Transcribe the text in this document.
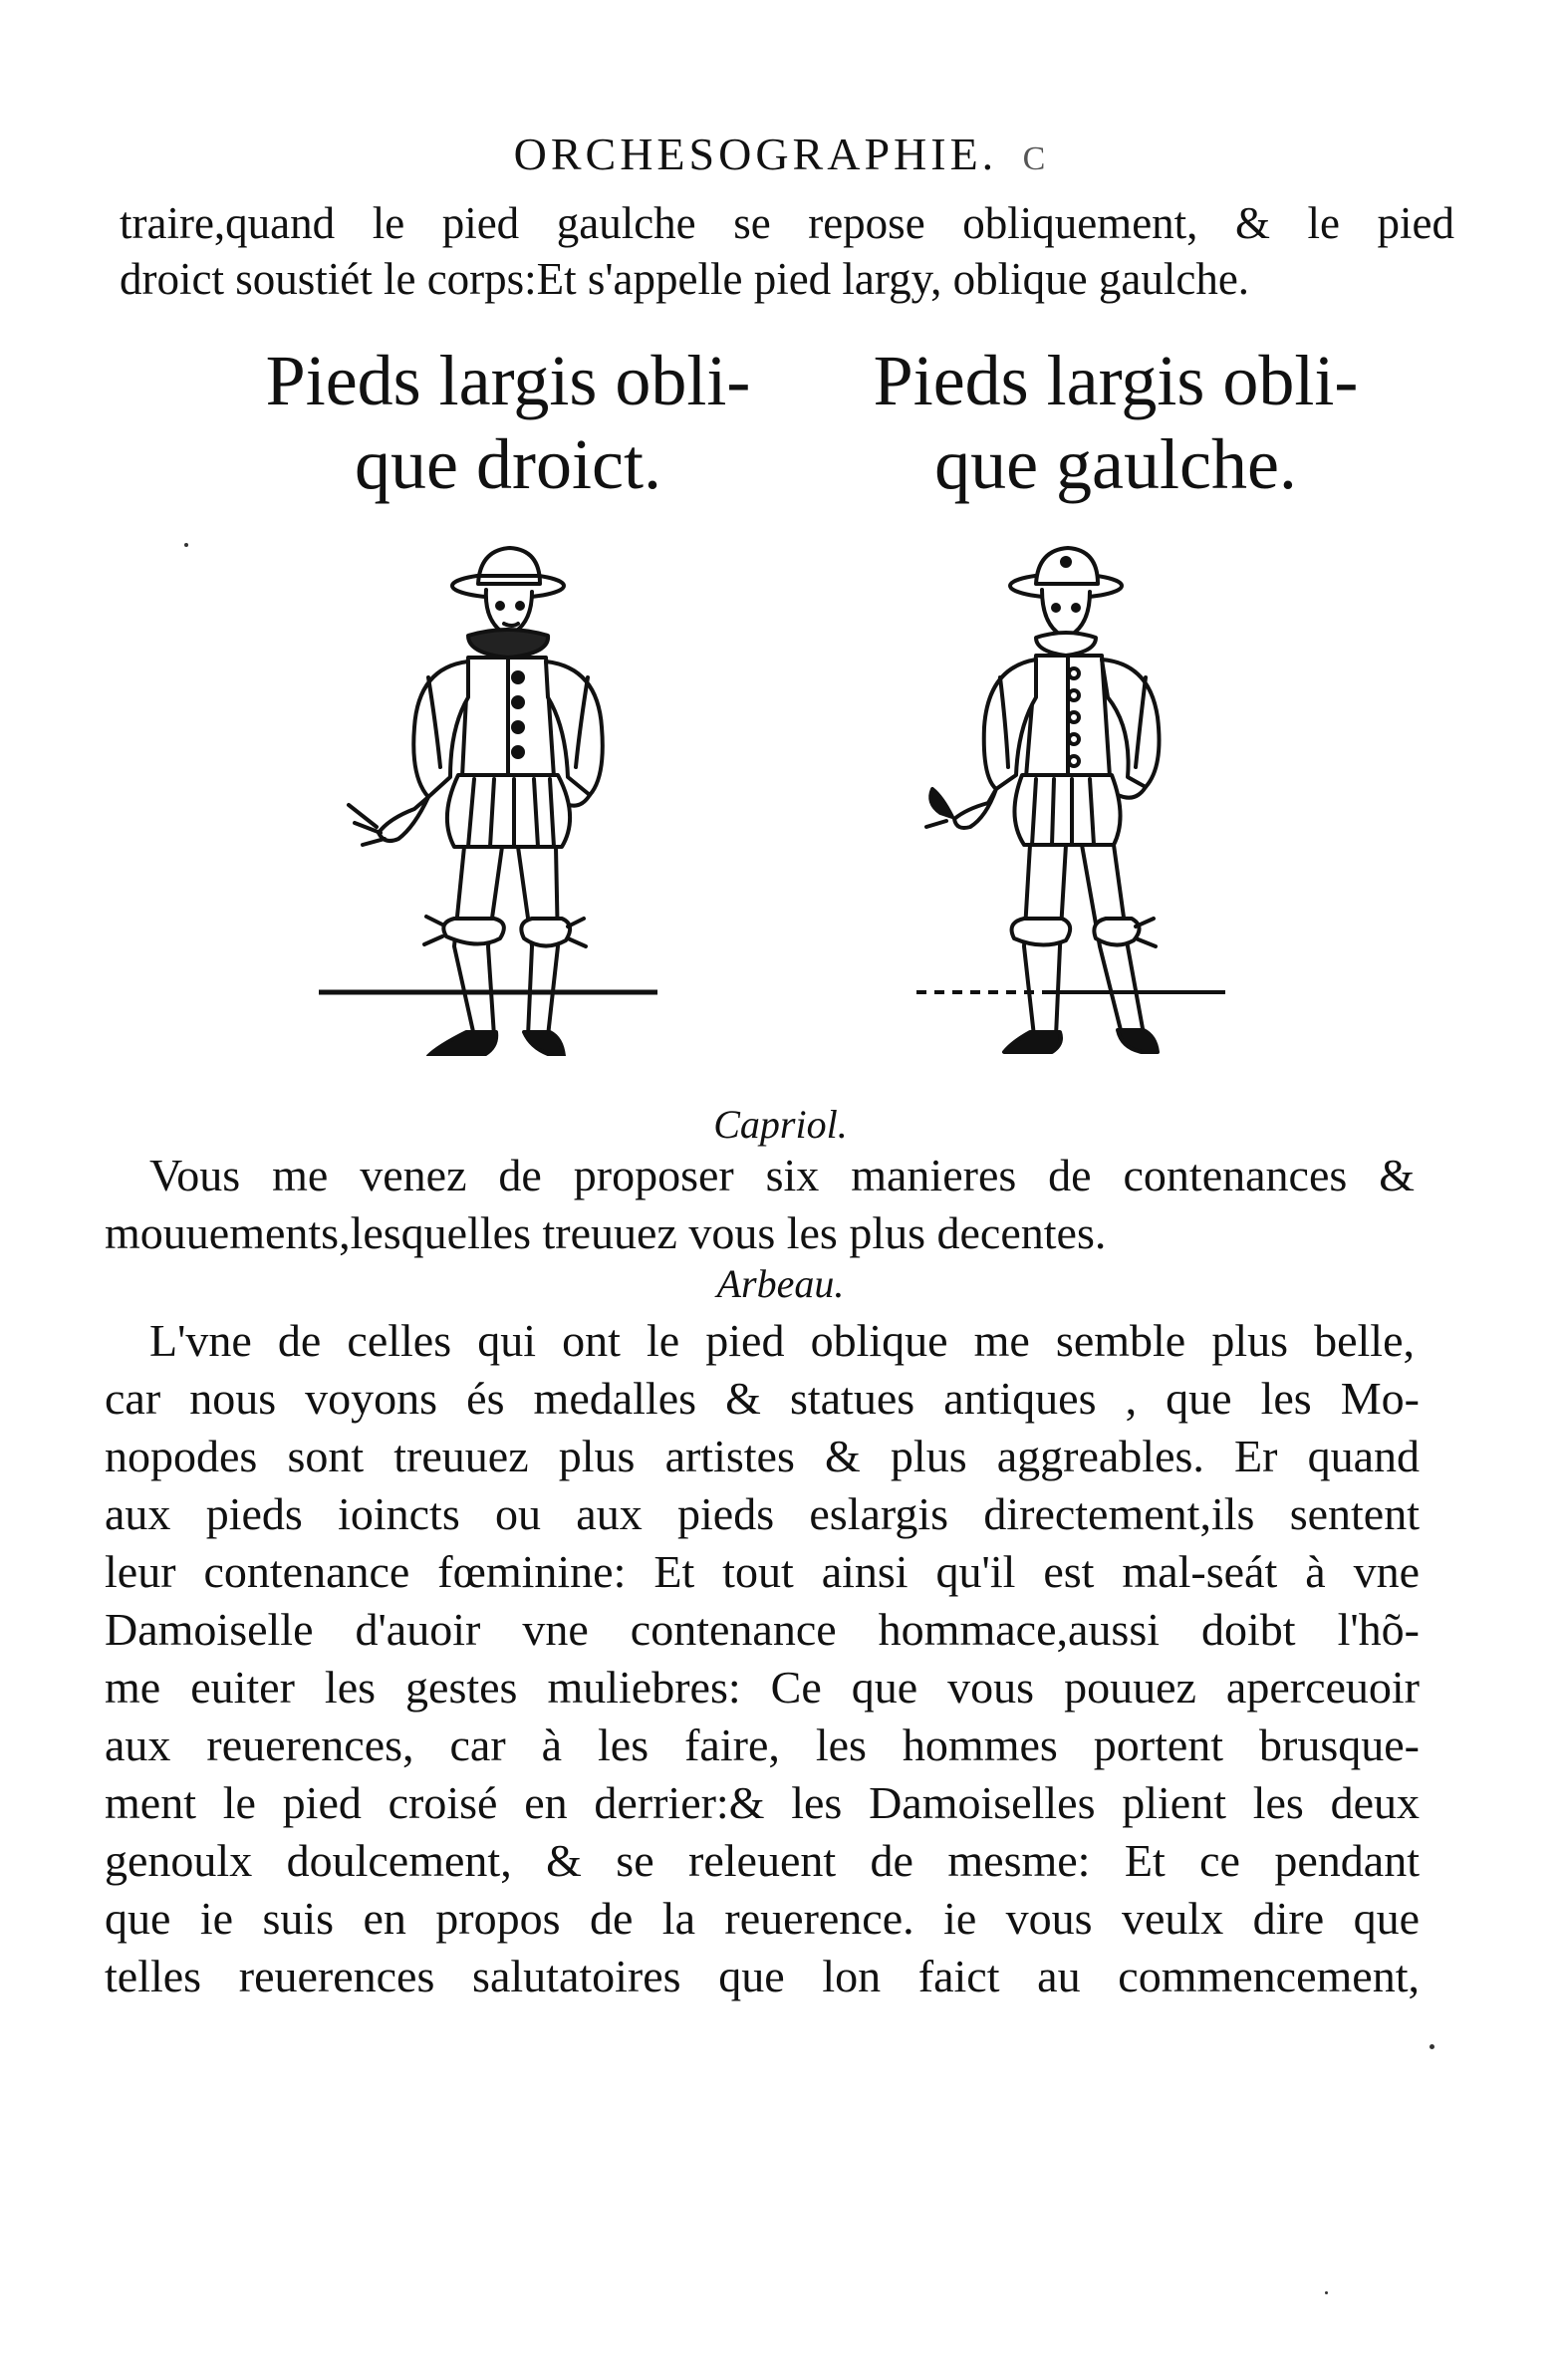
ORCHESOGRAPHIE. C
traire,quand le pied gaulche se repose obliquement, & le pied
droict soustiét le corps:Et s'appelle pied largy, oblique gaulche.
Pieds largis obli-
que droict.
Pieds largis obli-
que gaulche.
Capriol.
Vous me venez de proposer six manieres de contenances &
mouuements,lesquelles treuuez vous les plus decentes.
Arbeau.
L'vne de celles qui ont le pied oblique me semble plus belle,
car nous voyons és medalles & statues antiques , que les Mo-
nopodes sont treuuez plus artistes & plus aggreables. Er quand
aux pieds ioincts ou aux pieds eslargis directement,ils sentent
leur contenance fœminine: Et tout ainsi qu'il est mal-seát à vne
Damoiselle d'auoir vne contenance hommace,aussi doibt l'hõ-
me euiter les gestes muliebres: Ce que vous pouuez aperceuoir
aux reuerences, car à les faire, les hommes portent brusque-
ment le pied croisé en derrier:& les Damoiselles plient les deux
genoulx doulcement, & se releuent de mesme: Et ce pendant
que ie suis en propos de la reuerence. ie vous veulx dire que
telles reuerences salutatoires que lon faict au commencement,
